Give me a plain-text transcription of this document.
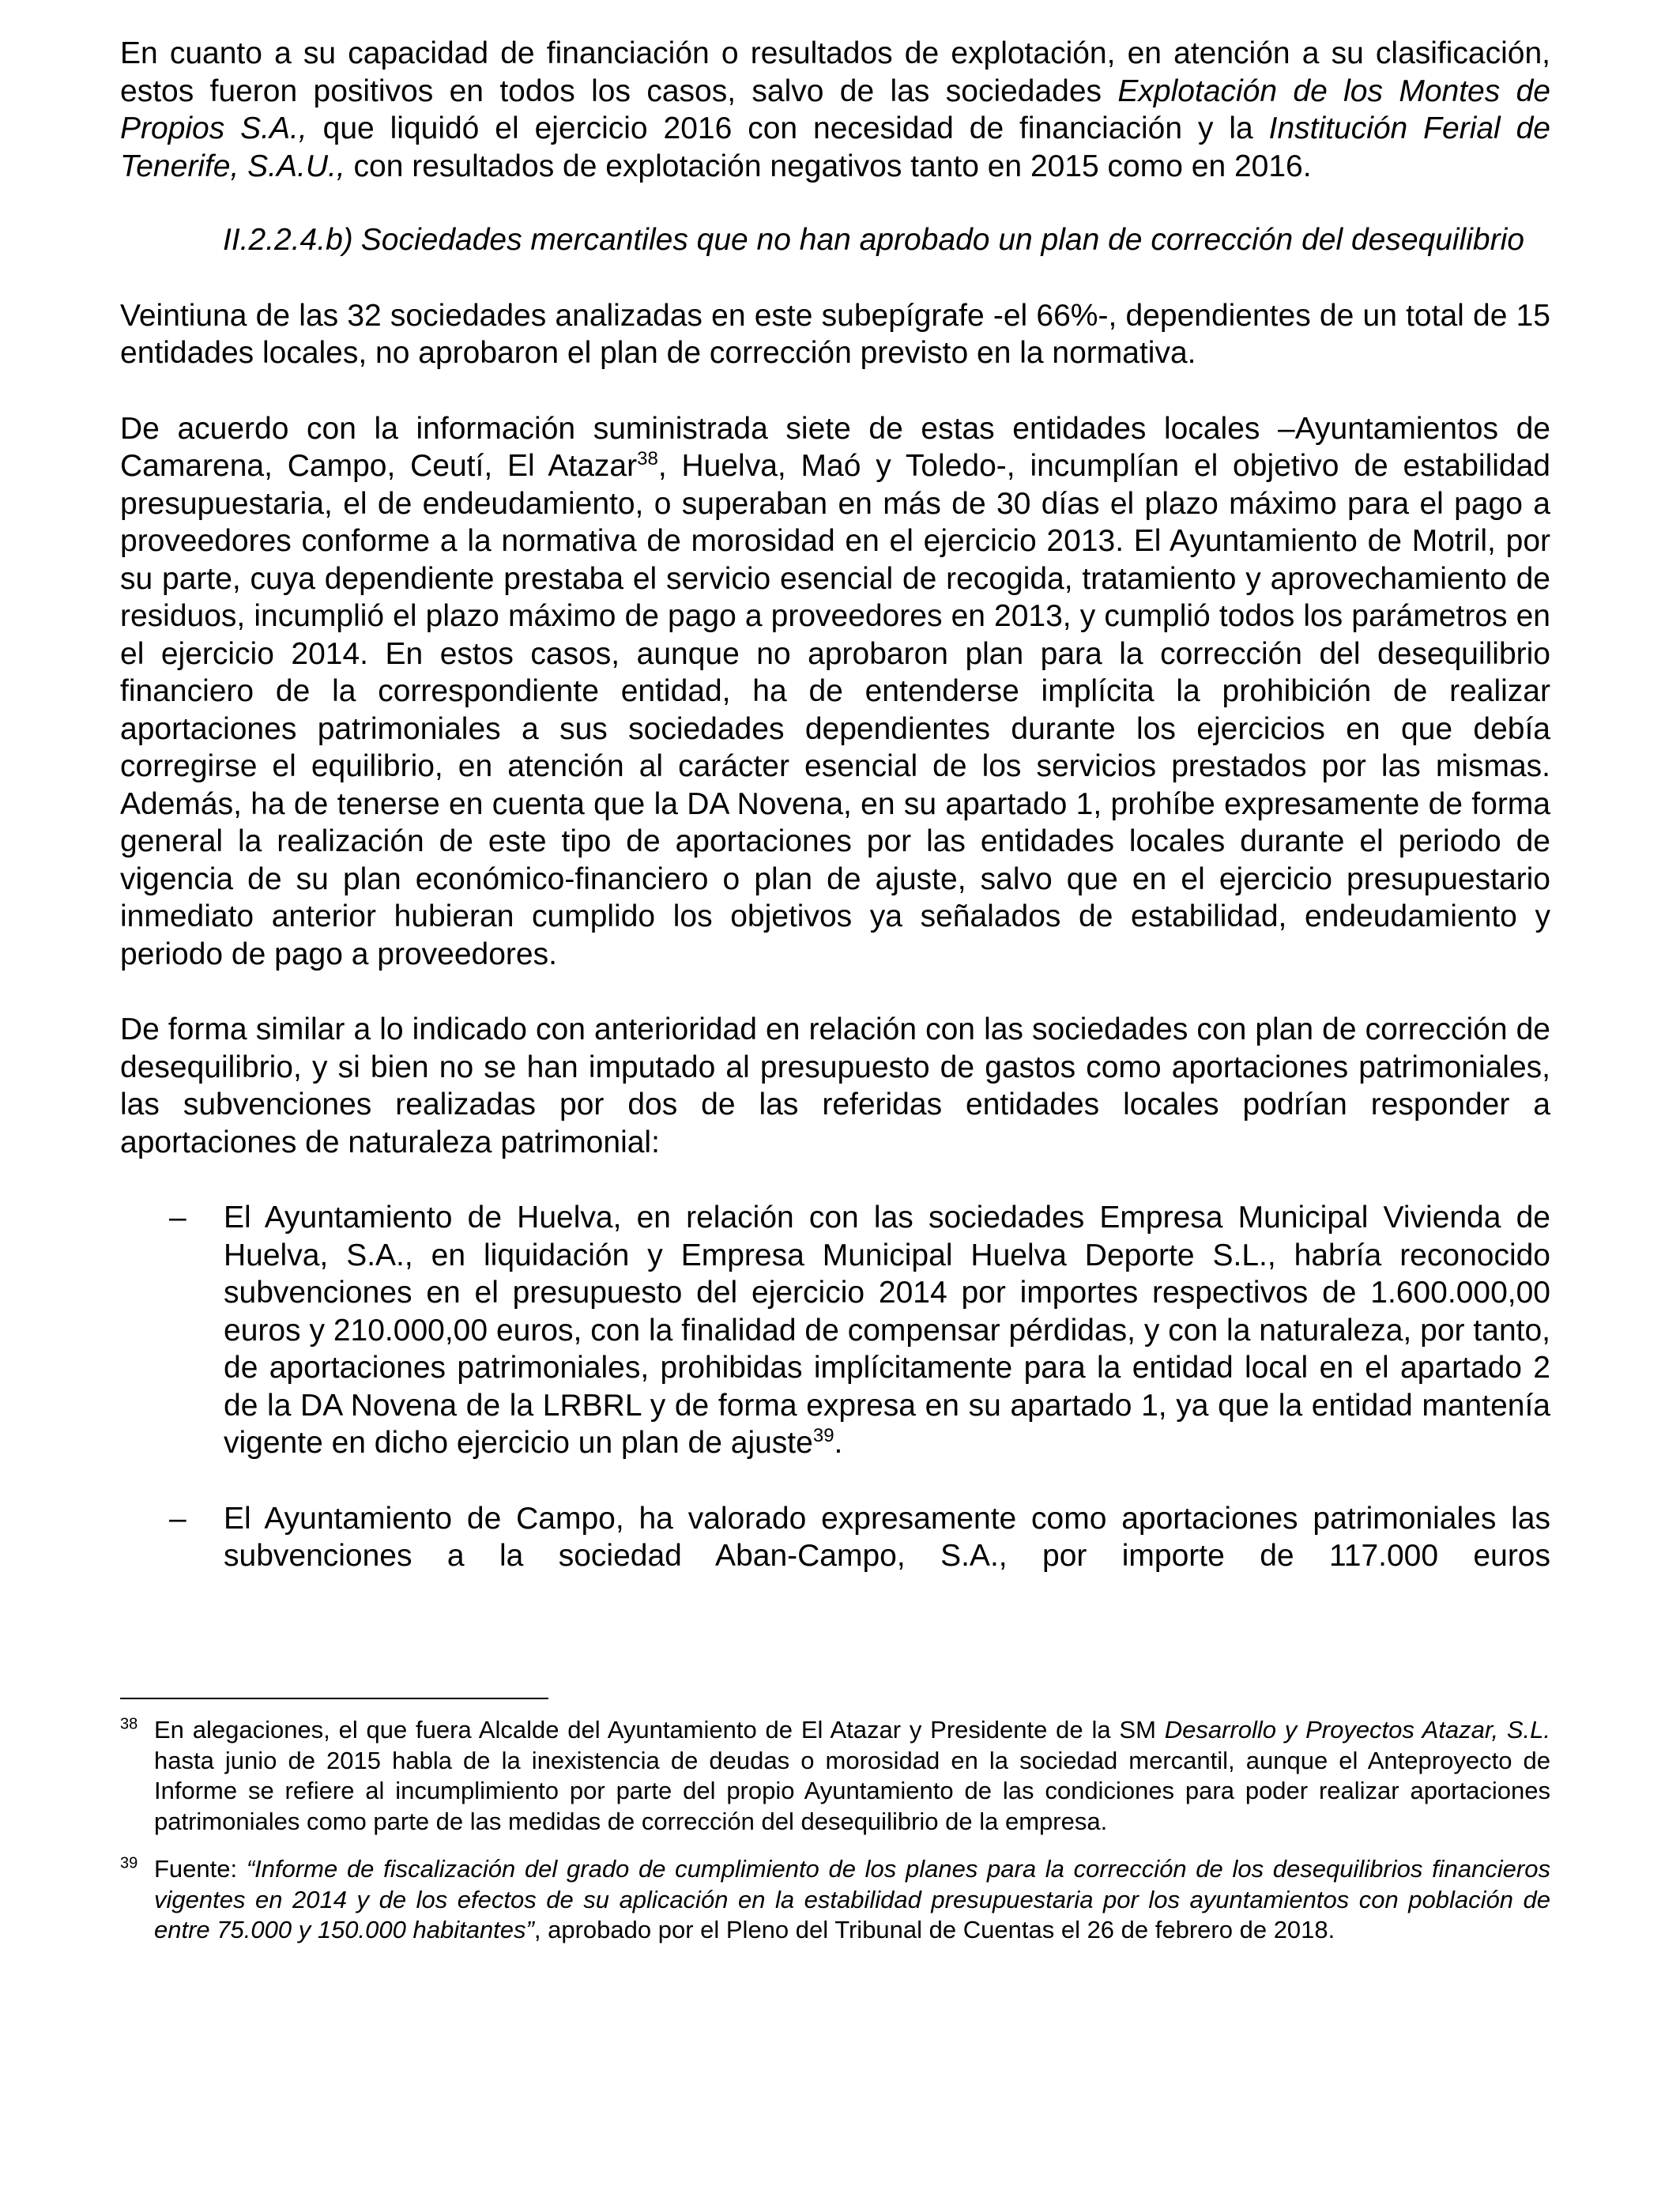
En cuanto a su capacidad de financiación o resultados de explotación, en atención a su clasificación, estos fueron positivos en todos los casos, salvo de las sociedades Explotación de los Montes de Propios S.A., que liquidó el ejercicio 2016 con necesidad de financiación y la Institución Ferial de Tenerife, S.A.U., con resultados de explotación negativos tanto en 2015 como en 2016.

II.2.2.4.b) Sociedades mercantiles que no han aprobado un plan de corrección del desequilibrio

Veintiuna de las 32 sociedades analizadas en este subepígrafe -el 66%-, dependientes de un total de 15 entidades locales, no aprobaron el plan de corrección previsto en la normativa.

De acuerdo con la información suministrada siete de estas entidades locales –Ayuntamientos de Camarena, Campo, Ceutí, El Atazar$^{38}$, Huelva, Maó y Toledo-, incumplían el objetivo de estabilidad presupuestaria, el de endeudamiento, o superaban en más de 30 días el plazo máximo para el pago a proveedores conforme a la normativa de morosidad en el ejercicio 2013. El Ayuntamiento de Motril, por su parte, cuya dependiente prestaba el servicio esencial de recogida, tratamiento y aprovechamiento de residuos, incumplió el plazo máximo de pago a proveedores en 2013, y cumplió todos los parámetros en el ejercicio 2014. En estos casos, aunque no aprobaron plan para la corrección del desequilibrio financiero de la correspondiente entidad, ha de entenderse implícita la prohibición de realizar aportaciones patrimoniales a sus sociedades dependientes durante los ejercicios en que debía corregirse el equilibrio, en atención al carácter esencial de los servicios prestados por las mismas. Además, ha de tenerse en cuenta que la DA Novena, en su apartado 1, prohíbe expresamente de forma general la realización de este tipo de aportaciones por las entidades locales durante el periodo de vigencia de su plan económico-financiero o plan de ajuste, salvo que en el ejercicio presupuestario inmediato anterior hubieran cumplido los objetivos ya señalados de estabilidad, endeudamiento y periodo de pago a proveedores.

De forma similar a lo indicado con anterioridad en relación con las sociedades con plan de corrección de desequilibrio, y si bien no se han imputado al presupuesto de gastos como aportaciones patrimoniales, las subvenciones realizadas por dos de las referidas entidades locales podrían responder a aportaciones de naturaleza patrimonial:

–	El Ayuntamiento de Huelva, en relación con las sociedades Empresa Municipal Vivienda de Huelva, S.A., en liquidación y Empresa Municipal Huelva Deporte S.L., habría reconocido subvenciones en el presupuesto del ejercicio 2014 por importes respectivos de 1.600.000,00 euros y 210.000,00 euros, con la finalidad de compensar pérdidas, y con la naturaleza, por tanto, de aportaciones patrimoniales, prohibidas implícitamente para la entidad local en el apartado 2 de la DA Novena de la LRBRL y de forma expresa en su apartado 1, ya que la entidad mantenía vigente en dicho ejercicio un plan de ajuste$^{39}$.
–	El Ayuntamiento de Campo, ha valorado expresamente como aportaciones patrimoniales las subvenciones a la sociedad Aban-Campo, S.A., por importe de 117.000 euros
$^{38}$ En alegaciones, el que fuera Alcalde del Ayuntamiento de El Atazar y Presidente de la SM Desarrollo y Proyectos Atazar, S.L. hasta junio de 2015 habla de la inexistencia de deudas o morosidad en la sociedad mercantil, aunque el Anteproyecto de Informe se refiere al incumplimiento por parte del propio Ayuntamiento de las condiciones para poder realizar aportaciones patrimoniales como parte de las medidas de corrección del desequilibrio de la empresa.
$^{39}$ Fuente: “Informe de fiscalización del grado de cumplimiento de los planes para la corrección de los desequilibrios financieros vigentes en 2014 y de los efectos de su aplicación en la estabilidad presupuestaria por los ayuntamientos con población de entre 75.000 y 150.000 habitantes”, aprobado por el Pleno del Tribunal de Cuentas el 26 de febrero de 2018.
